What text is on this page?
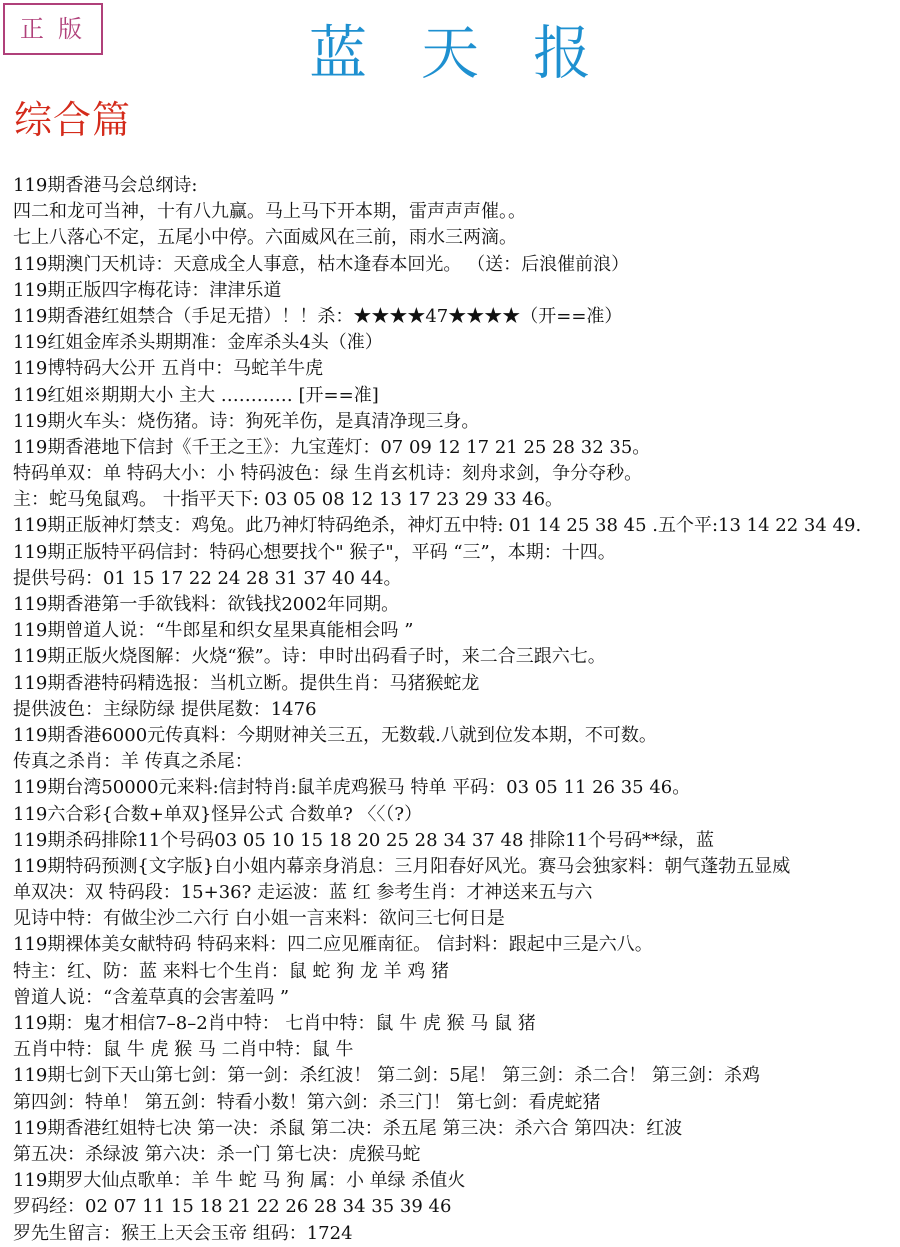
正版	蓝天报
综合篇
119期香港马会总纲诗:
四二和龙可当神，十有八九赢。马上马下开本期，雷声声声催。。
七上八落心不定，五尾小中停。六面威风在三前，雨水三两滴。
119期澳门天机诗：天意成全人事意，枯木逢春本回光。 （送：后浪催前浪）
119期正版四字梅花诗：津津乐道
119期香港红姐禁合（手足无措）！！杀：★★★★47★★★★（开==准）
119红姐金库杀头期期准：金库杀头4头（准）
119博特码大公开 五肖中：马蛇羊牛虎
119红姐※期期大小 主大 ………… [开==准]
119期火车头：烧伤猪。诗：狗死羊伤，是真清净现三身。
119期香港地下信封《千王之王》：九宝莲灯：07 09 12 17 21 25 28 32 35。
特码单双：单 特码大小：小 特码波色：绿 生肖玄机诗：刻舟求剑，争分夺秒。
主：蛇马兔鼠鸡。 十指平天下: 03 05 08 12 13 17 23 29 33 46。
119期正版神灯禁支：鸡兔。此乃神灯特码绝杀，神灯五中特: 01 14 25 38 45 .五个平:13 14 22 34 49.
119期正版特平码信封：特码心想要找个" 猴子"，平码 “三”，本期：十四。
提供号码：01 15 17 22 24 28 31 37 40 44。
119期香港第一手欲钱料：欲钱找2002年同期。
119期曾道人说：“牛郎星和织女星果真能相会吗 ”
119期正版火烧图解：火烧“猴”。诗：申时出码看子时，来二合三跟六七。
119期香港特码精选报：当机立断。提供生肖：马猪猴蛇龙
提供波色：主绿防绿 提供尾数：1476
119期香港6000元传真料：今期财神关三五，无数载.八就到位发本期，不可数。
传真之杀肖：羊 传真之杀尾：
119期台湾50000元来料:信封特肖:鼠羊虎鸡猴马 特单 平码：03 05 11 26 35 46。
119六合彩{合数+单双}怪异公式 合数单? 〈〈（?）
119期杀码排除11个号码03 05 10 15 18 20 25 28 34 37 48 排除11个号码**绿，蓝
119期特码预测{文字版}白小姐内幕亲身消息：三月阳春好风光。赛马会独家料：朝气蓬勃五显威
单双决：双 特码段：15+36? 走运波：蓝 红 参考生肖：才神送来五与六
见诗中特：有做尘沙二六行 白小姐一言来料：欲问三七何日是
119期裸体美女献特码 特码来料：四二应见雁南征。 信封料：跟起中三是六八。
特主：红、防：蓝 来料七个生肖：鼠 蛇 狗 龙 羊 鸡 猪
曾道人说：“含羞草真的会害羞吗 ”
119期：鬼才相信7–8–2肖中特： 七肖中特：鼠 牛 虎 猴 马 鼠 猪
五肖中特：鼠 牛 虎 猴 马 二肖中特：鼠 牛
119期七剑下天山第七剑：第一剑：杀红波！ 第二剑：5尾！ 第三剑：杀二合！ 第三剑：杀鸡
第四剑：特单！ 第五剑：特看小数！第六剑：杀三门！ 第七剑：看虎蛇猪
119期香港红姐特七决 第一决：杀鼠 第二决：杀五尾 第三决：杀六合 第四决：红波
第五决：杀绿波 第六决：杀一门 第七决：虎猴马蛇
119期罗大仙点歌单：羊 牛 蛇 马 狗 属：小 单绿 杀值火
罗码经：02 07 11 15 18 21 22 26 28 34 35 39 46
罗先生留言：猴王上天会玉帝 组码：1724
